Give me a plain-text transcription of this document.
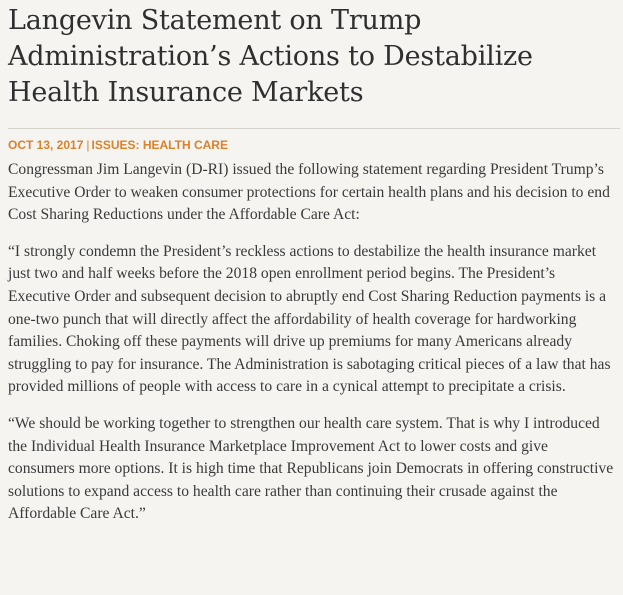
Langevin Statement on Trump Administration’s Actions to Destabilize Health Insurance Markets
OCT 13, 2017 | ISSUES: HEALTH CARE

Congressman Jim Langevin (D-RI) issued the following statement regarding President Trump’s Executive Order to weaken consumer protections for certain health plans and his decision to end Cost Sharing Reductions under the Affordable Care Act:

“I strongly condemn the President’s reckless actions to destabilize the health insurance market just two and half weeks before the 2018 open enrollment period begins. The President’s Executive Order and subsequent decision to abruptly end Cost Sharing Reduction payments is a one-two punch that will directly affect the affordability of health coverage for hardworking families. Choking off these payments will drive up premiums for many Americans already struggling to pay for insurance. The Administration is sabotaging critical pieces of a law that has provided millions of people with access to care in a cynical attempt to precipitate a crisis.

“We should be working together to strengthen our health care system. That is why I introduced the Individual Health Insurance Marketplace Improvement Act to lower costs and give consumers more options. It is high time that Republicans join Democrats in offering constructive solutions to expand access to health care rather than continuing their crusade against the Affordable Care Act.”
